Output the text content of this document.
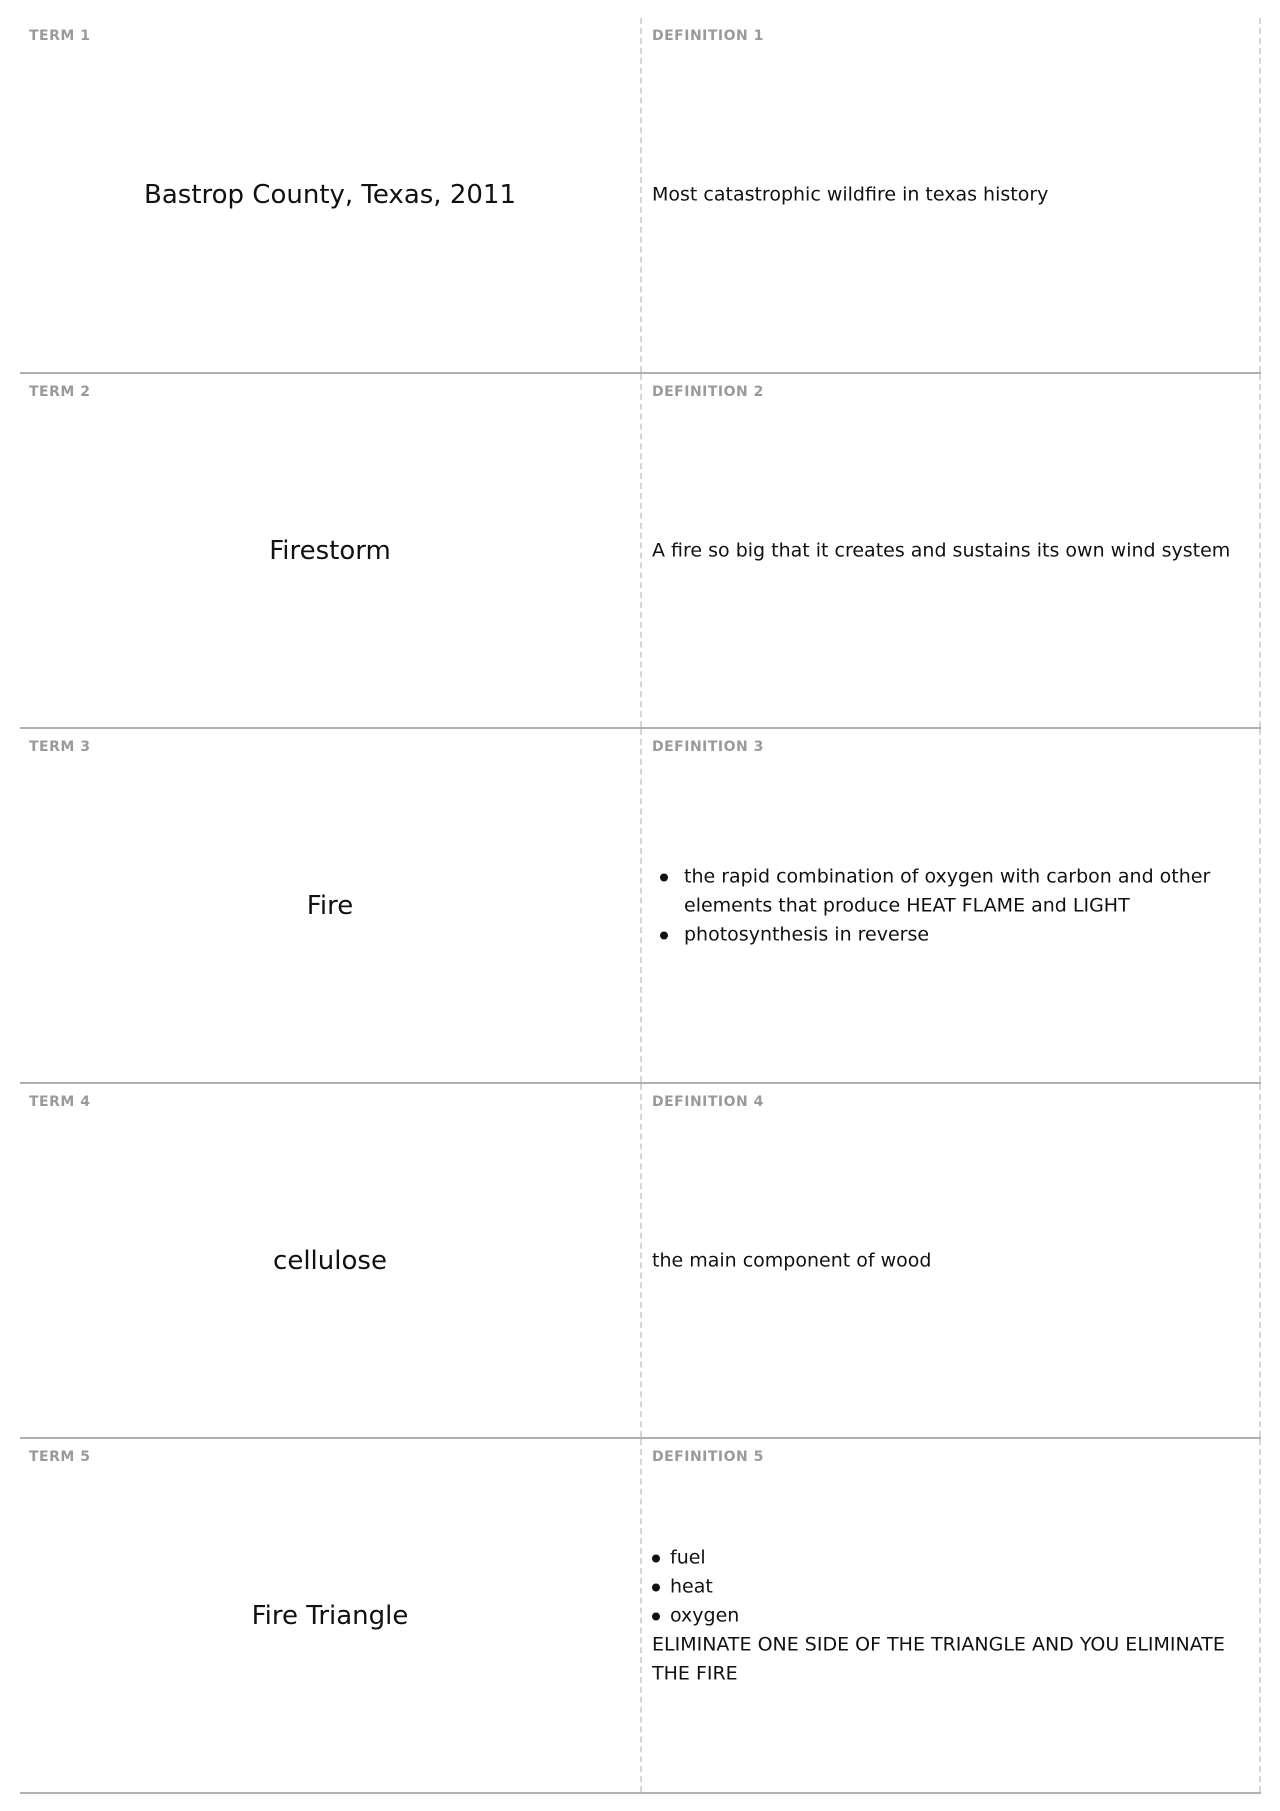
TERM 1
Bastrop County, Texas, 2011
DEFINITION 1
Most catastrophic wildfire in texas history
TERM 2
Firestorm
DEFINITION 2
A fire so big that it creates and sustains its own wind system
TERM 3
Fire
DEFINITION 3
the rapid combination of oxygen with carbon and other elements that produce HEAT FLAME and LIGHT
photosynthesis in reverse
TERM 4
cellulose
DEFINITION 4
the main component of wood
TERM 5
Fire Triangle
DEFINITION 5
fuel
heat
oxygen
ELIMINATE ONE SIDE OF THE TRIANGLE AND YOU ELIMINATE THE FIRE
